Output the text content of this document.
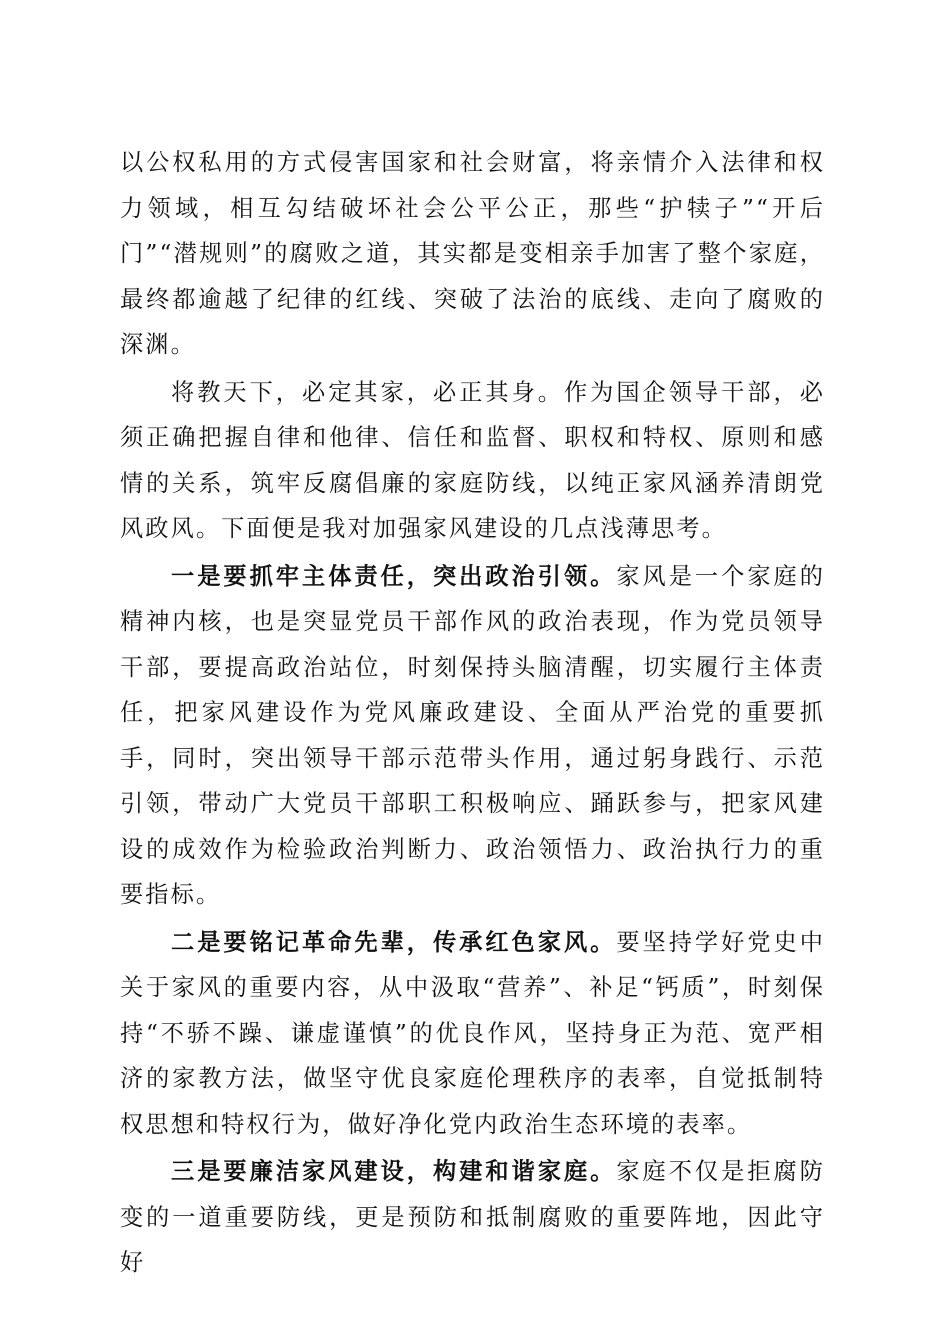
以公权私用的方式侵害国家和社会财富，将亲情介入法律和权力领域，相互勾结破坏社会公平公正，那些“护犊子”“开后门”“潜规则”的腐败之道，其实都是变相亲手加害了整个家庭，最终都逾越了纪律的红线、突破了法治的底线、走向了腐败的深渊。

将教天下，必定其家，必正其身。作为国企领导干部，必须正确把握自律和他律、信任和监督、职权和特权、原则和感情的关系，筑牢反腐倡廉的家庭防线，以纯正家风涵养清朗党风政风。下面便是我对加强家风建设的几点浅薄思考。

一是要抓牢主体责任，突出政治引领。家风是一个家庭的精神内核，也是突显党员干部作风的政治表现，作为党员领导干部，要提高政治站位，时刻保持头脑清醒，切实履行主体责任，把家风建设作为党风廉政建设、全面从严治党的重要抓手，同时，突出领导干部示范带头作用，通过躬身践行、示范引领，带动广大党员干部职工积极响应、踊跃参与，把家风建设的成效作为检验政治判断力、政治领悟力、政治执行力的重要指标。

二是要铭记革命先辈，传承红色家风。要坚持学好党史中关于家风的重要内容，从中汲取“营养”、补足“钙质”，时刻保持“不骄不躁、谦虚谨慎”的优良作风，坚持身正为范、宽严相济的家教方法，做坚守优良家庭伦理秩序的表率，自觉抵制特权思想和特权行为，做好净化党内政治生态环境的表率。

三是要廉洁家风建设，构建和谐家庭。家庭不仅是拒腐防变的一道重要防线，更是预防和抵制腐败的重要阵地，因此守好
